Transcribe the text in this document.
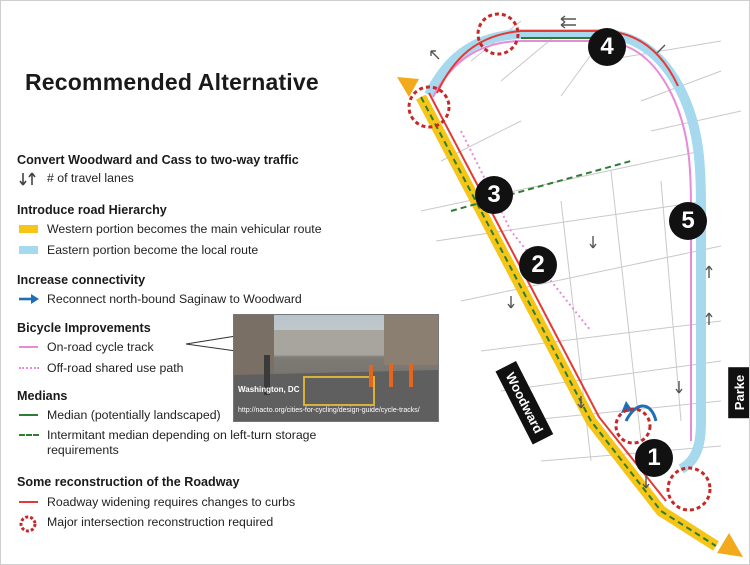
Recommended Alternative
Convert Woodward and Cass to two-way traffic
# of travel lanes
Introduce road Hierarchy
Western portion becomes the main vehicular route
Eastern portion become the local route
Increase connectivity
Reconnect north-bound Saginaw to Woodward
Bicycle Improvements
On-road cycle track
Off-road shared use path
Medians
Median (potentially landscaped)
Intermitant median depending on left-turn storage requirements
Some reconstruction of the Roadway
Roadway widening requires changes to curbs
Major intersection reconstruction required
Washington, DC
http://nacto.org/cities-for-cycling/design-guide/cycle-tracks/
3
2
4
5
1
Woodward	Parke
